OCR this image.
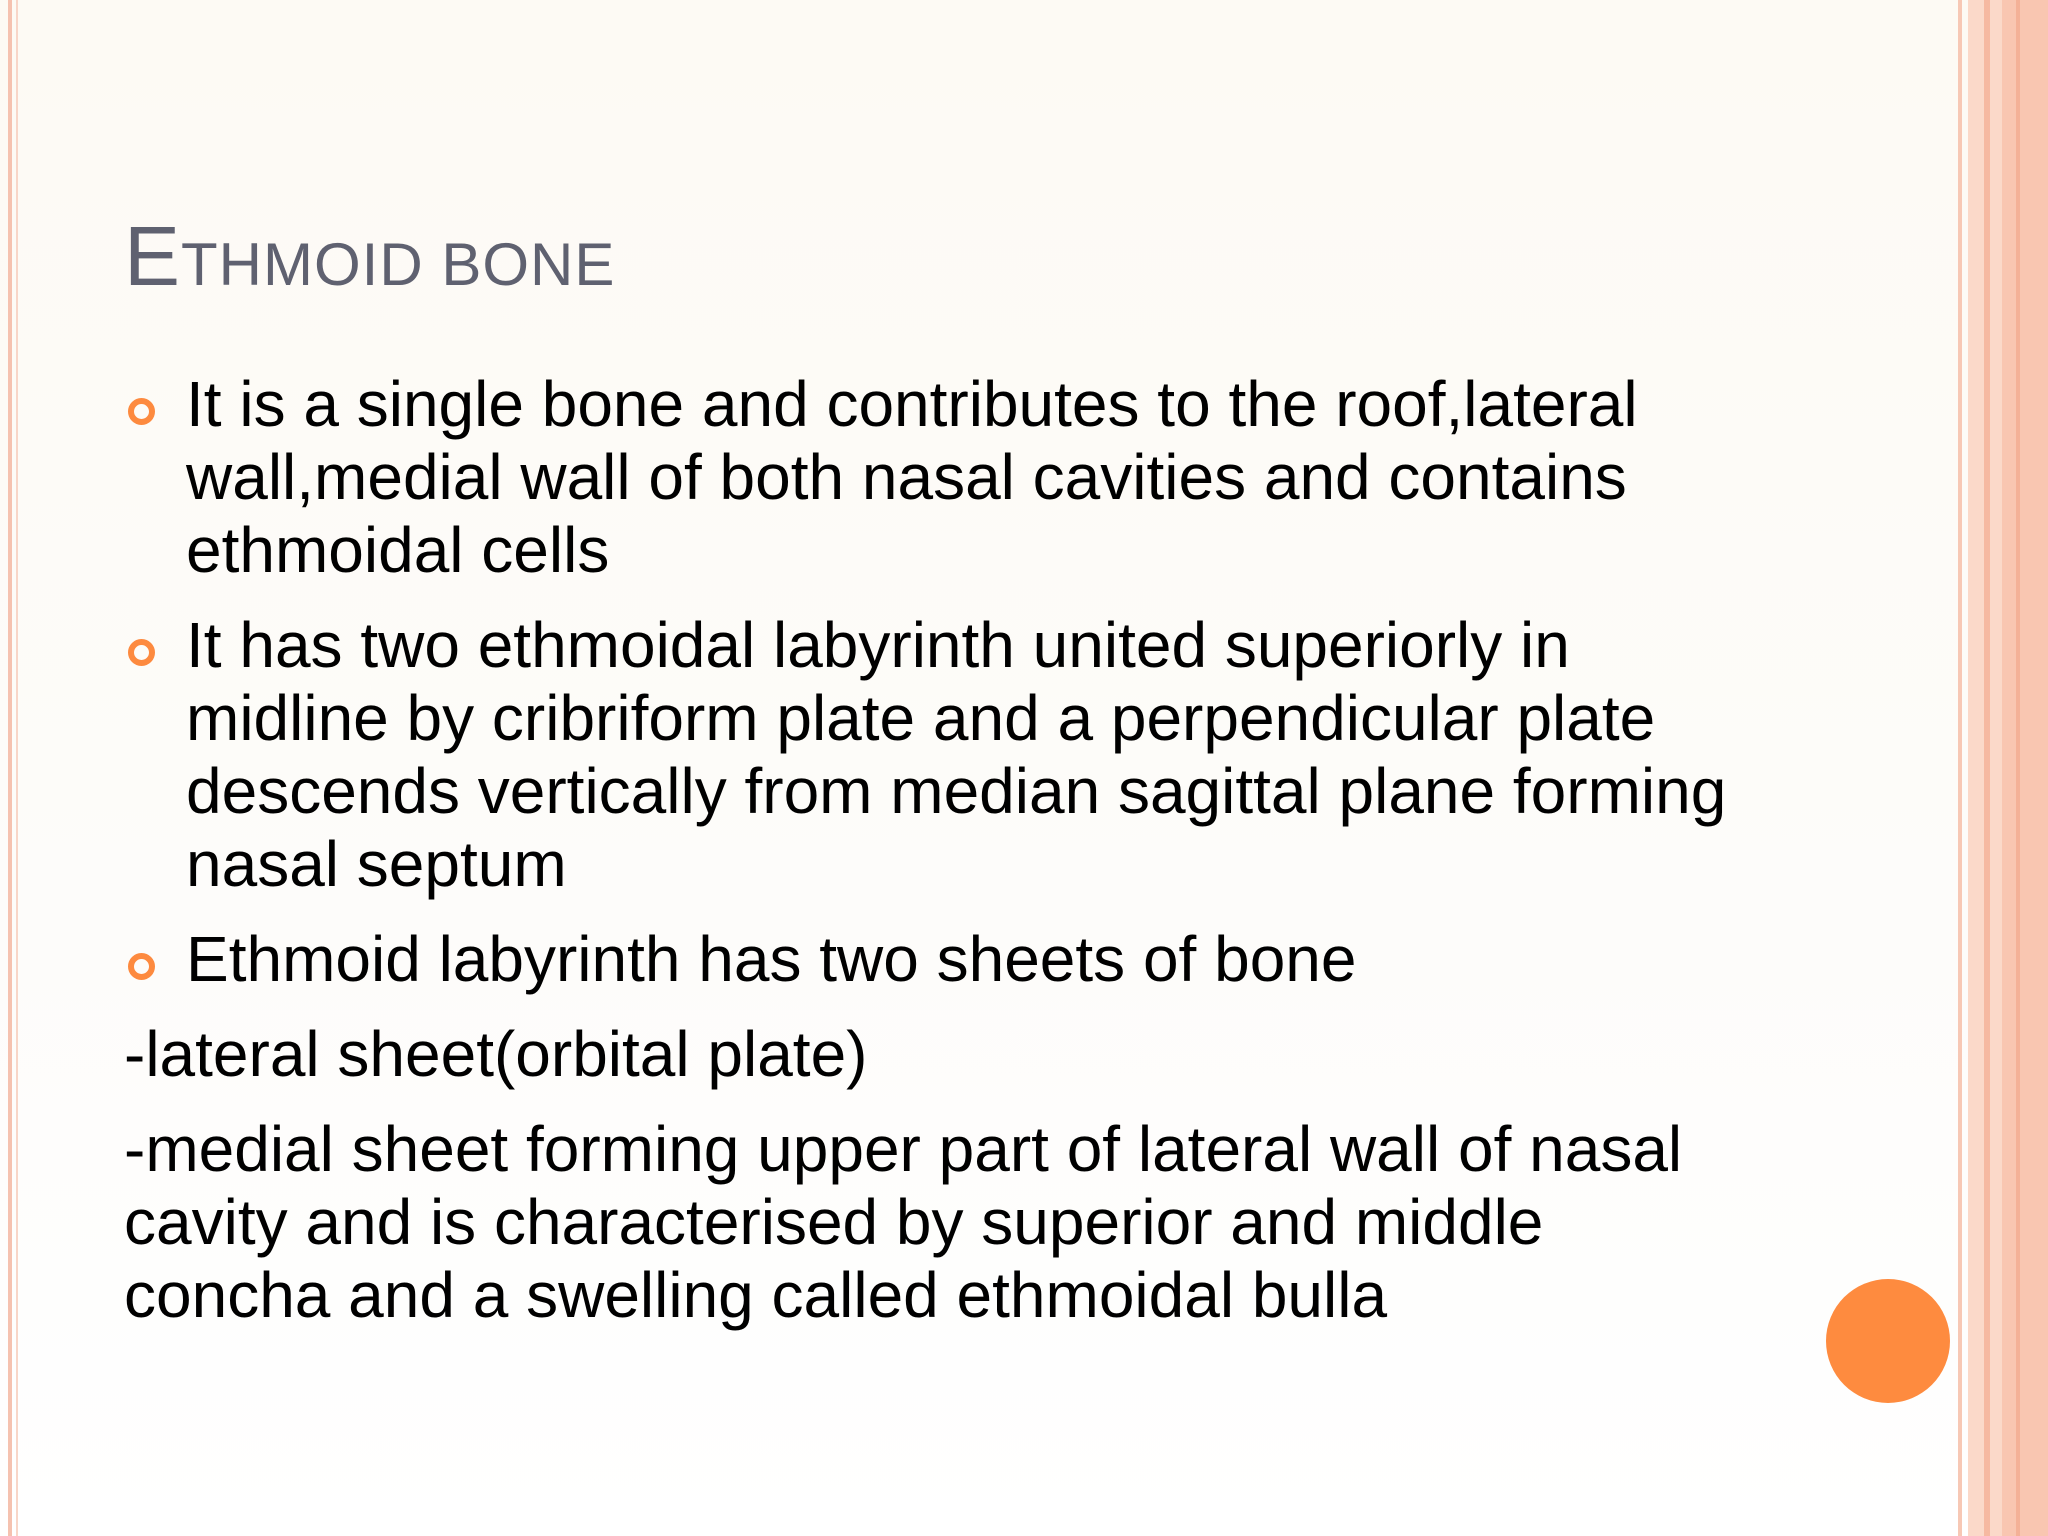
ETHMOID BONE
It is a single bone and contributes to the roof,lateral wall,medial wall of both nasal cavities and contains ethmoidal cells
It has two ethmoidal labyrinth united superiorly in midline by cribriform plate and a perpendicular plate descends vertically from median sagittal plane forming nasal septum
Ethmoid labyrinth has two sheets of bone

-lateral sheet(orbital plate)

-medial sheet forming upper part of lateral wall of nasal cavity and is characterised by superior and middle concha and a swelling called ethmoidal bulla
